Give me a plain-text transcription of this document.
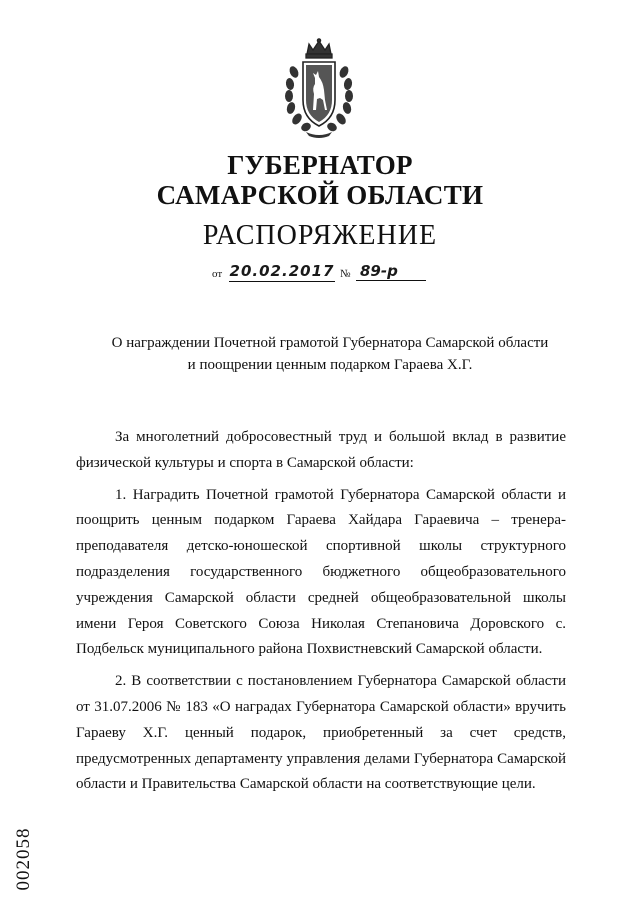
ГУБЕРНАТОР
САМАРСКОЙ ОБЛАСТИ
РАСПОРЯЖЕНИЕ
от 20.02.2017 № 89-р
О награждении Почетной грамотой Губернатора Самарской области
и поощрении ценным подарком Гараева Х.Г.

За многолетний добросовестный труд и большой вклад в развитие физической культуры и спорта в Самарской области:

1. Наградить Почетной грамотой Губернатора Самарской области и поощрить ценным подарком Гараева Хайдара Гараевича – тренера-преподавателя детско-юношеской спортивной школы структурного подразделения государственного бюджетного общеобразовательного учреждения Самарской области средней общеобразовательной школы имени Героя Советского Союза Николая Степановича Доровского с. Подбельск муниципального района Похвистневский Самарской области.

2. В соответствии с постановлением Губернатора Самарской области от 31.07.2006 № 183 «О наградах Губернатора Самарской области» вручить Гараеву Х.Г. ценный подарок, приобретенный за счет средств, предусмотренных департаменту управления делами Губернатора Самарской области и Правительства Самарской области на соответствующие цели.

002058
